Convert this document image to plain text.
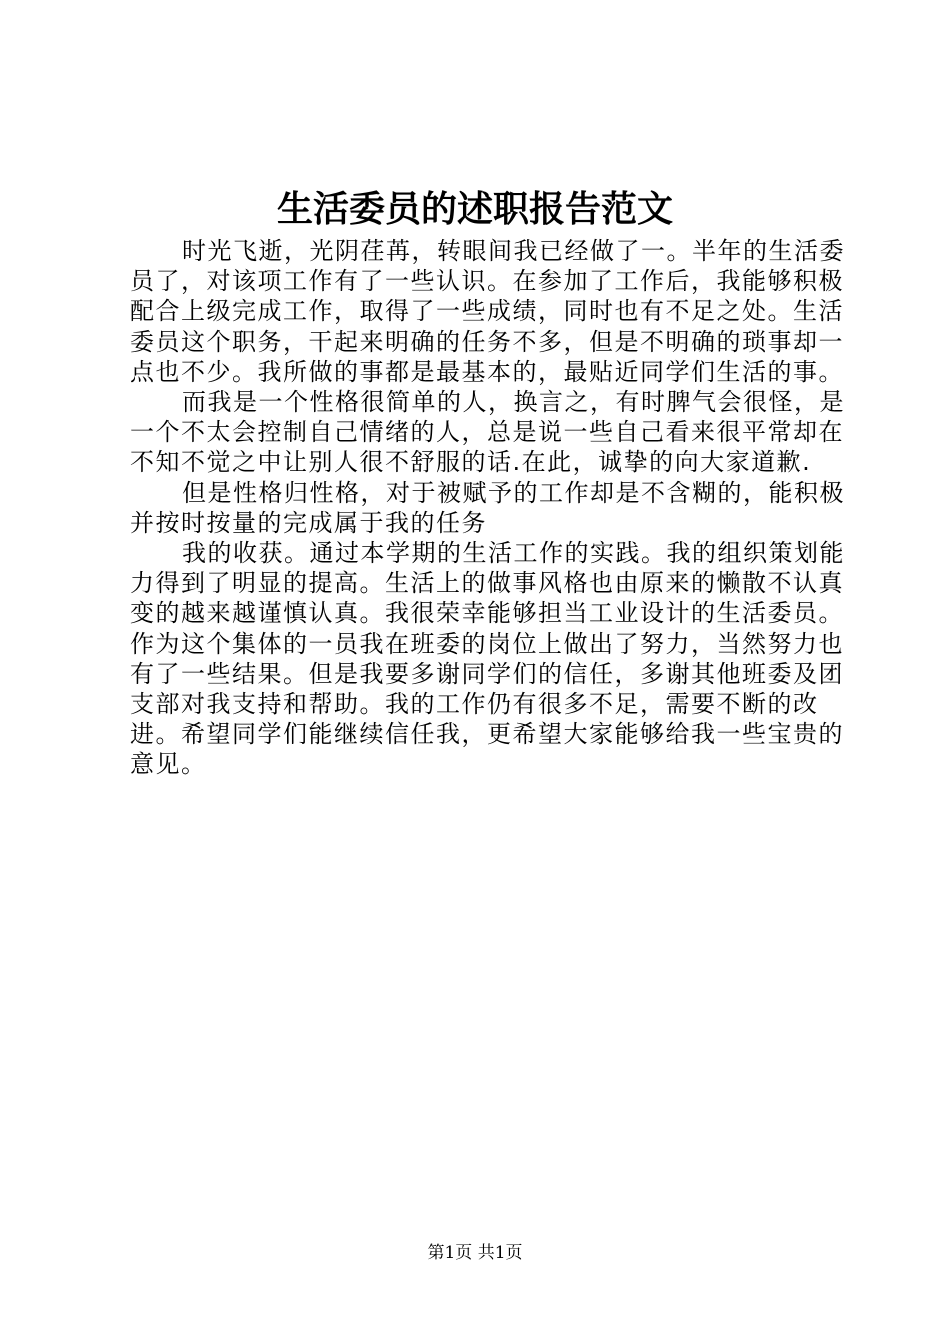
生活委员的述职报告范文

时光飞逝，光阴荏苒，转眼间我已经做了一。半年的生活委员了，对该项工作有了一些认识。在参加了工作后，我能够积极配合上级完成工作，取得了一些成绩，同时也有不足之处。生活委员这个职务，干起来明确的任务不多，但是不明确的琐事却一点也不少。我所做的事都是最基本的，最贴近同学们生活的事。

而我是一个性格很简单的人，换言之，有时脾气会很怪，是一个不太会控制自己情绪的人，总是说一些自己看来很平常却在不知不觉之中让别人很不舒服的话.在此，诚挚的向大家道歉.

但是性格归性格，对于被赋予的工作却是不含糊的，能积极并按时按量的完成属于我的任务

我的收获。通过本学期的生活工作的实践。我的组织策划能力得到了明显的提高。生活上的做事风格也由原来的懒散不认真变的越来越谨慎认真。我很荣幸能够担当工业设计的生活委员。作为这个集体的一员我在班委的岗位上做出了努力，当然努力也有了一些结果。但是我要多谢同学们的信任，多谢其他班委及团支部对我支持和帮助。我的工作仍有很多不足，需要不断的改进。希望同学们能继续信任我，更希望大家能够给我一些宝贵的意见。

第1页 共1页
